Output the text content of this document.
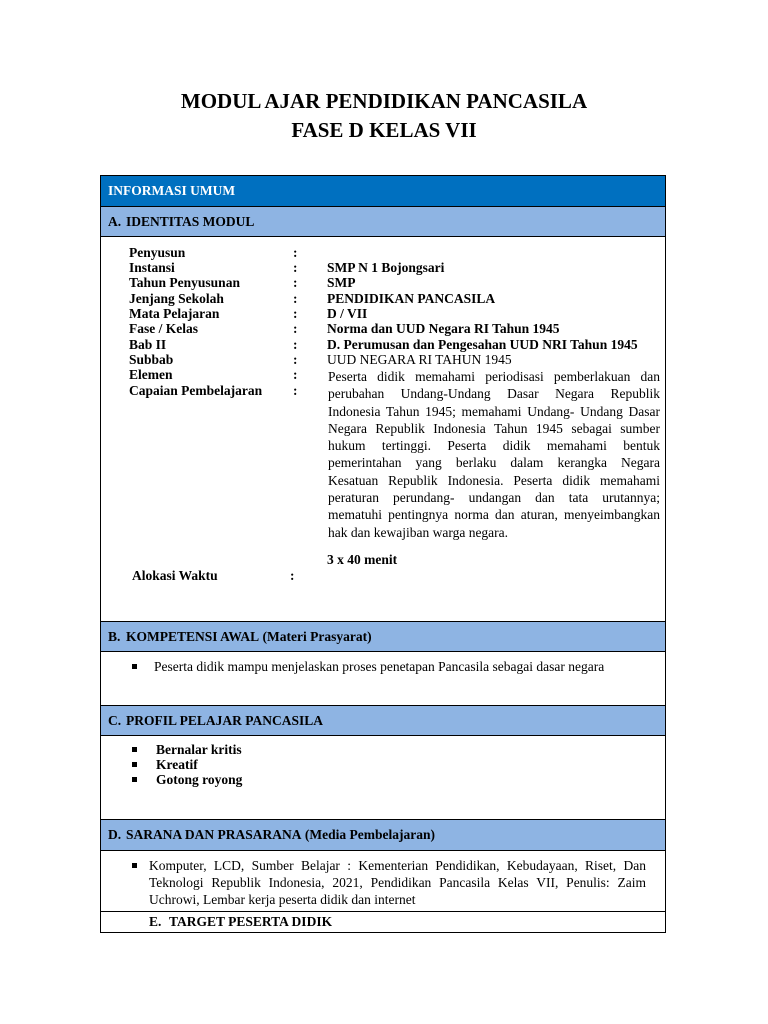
MODUL AJAR PENDIDIKAN PANCASILA
FASE D KELAS VII
INFORMASI UMUM
A. IDENTITAS MODUL
Penyusun
Instansi
Tahun Penyusunan
Jenjang Sekolah
Mata Pelajaran
Fase / Kelas
Bab II
Subbab
Elemen
Capaian Pembelajaran
:
:
:
:
:
:
:
:
:
:
SMP N 1 Bojongsari
SMP
PENDIDIKAN PANCASILA
D / VII
Norma dan UUD Negara RI Tahun 1945
D. Perumusan dan Pengesahan UUD NRI Tahun 1945
UUD NEGARA RI TAHUN 1945
Peserta didik memahami periodisasi pemberlakuan dan perubahan Undang-Undang Dasar Negara Republik Indonesia Tahun 1945; memahami Undang- Undang Dasar Negara Republik Indonesia Tahun 1945 sebagai sumber hukum tertinggi. Peserta didik memahami bentuk pemerintahan yang berlaku dalam kerangka Negara Kesatuan Republik Indonesia. Peserta didik memahami peraturan perundang- undangan dan tata urutannya; mematuhi pentingnya norma dan aturan, menyeimbangkan hak dan kewajiban warga negara.
3 x 40 menit
Alokasi Waktu	:
B. KOMPETENSI AWAL
(Materi Prasyarat)
Peserta didik mampu menjelaskan proses penetapan Pancasila sebagai dasar negara
C. PROFIL PELAJAR PANCASILA
Bernalar kritis
Kreatif
Gotong royong
D. SARANA DAN PRASARANA
(Media Pembelajaran)
Komputer, LCD, Sumber Belajar : Kementerian Pendidikan, Kebudayaan, Riset, Dan Teknologi Republik Indonesia, 2021, Pendidikan Pancasila Kelas VII, Penulis: Zaim Uchrowi, Lembar kerja peserta didik dan internet
E. TARGET PESERTA DIDIK
